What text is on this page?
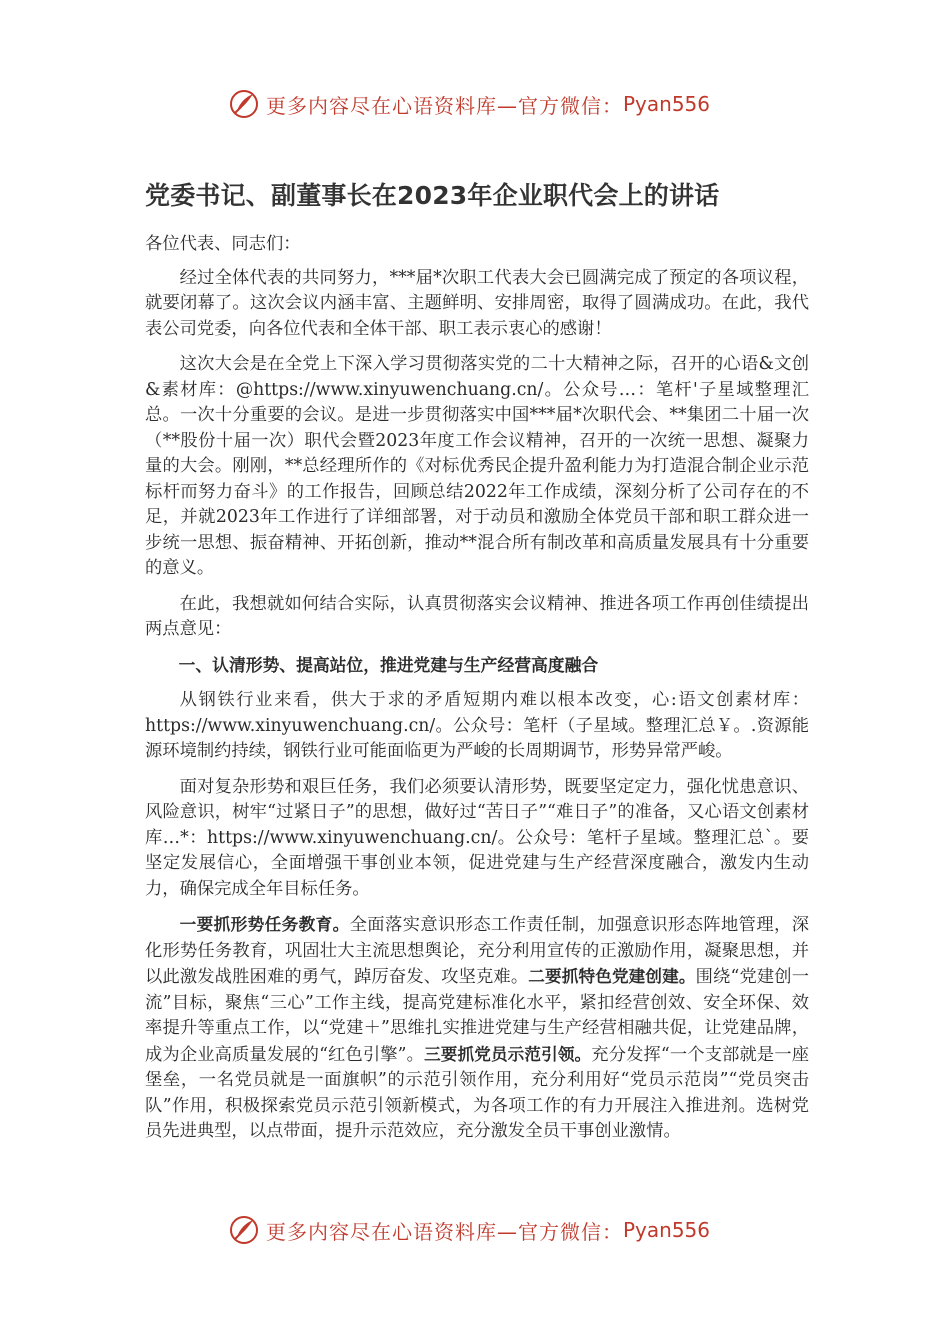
更多内容尽在心语资料库—官方微信： Pyan556
党委书记、副董事长在2023年企业职代会上的讲话

各位代表、同志们：

经过全体代表的共同努力，***届*次职工代表大会已圆满完成了预定的各项议程，就要闭幕了。这次会议内涵丰富、主题鲜明、安排周密，取得了圆满成功。在此，我代表公司党委，向各位代表和全体干部、职工表示衷心的感谢！

这次大会是在全党上下深入学习贯彻落实党的二十大精神之际，召开的心语&文创&素材库：@https://www.xinyuwenchuang.cn/。公众号…：笔杆'子星域整理汇总。一次十分重要的会议。是进一步贯彻落实中国***届*次职代会、**集团二十届一次（**股份十届一次）职代会暨2023年度工作会议精神，召开的一次统一思想、凝聚力量的大会。刚刚，**总经理所作的《对标优秀民企提升盈利能力为打造混合制企业示范标杆而努力奋斗》的工作报告，回顾总结2022年工作成绩，深刻分析了公司存在的不足，并就2023年工作进行了详细部署，对于动员和激励全体党员干部和职工群众进一步统一思想、振奋精神、开拓创新，推动**混合所有制改革和高质量发展具有十分重要的意义。

在此，我想就如何结合实际，认真贯彻落实会议精神、推进各项工作再创佳绩提出两点意见：

一、认清形势、提高站位，推进党建与生产经营高度融合

从钢铁行业来看，供大于求的矛盾短期内难以根本改变，心:语文创素材库：https://www.xinyuwenchuang.cn/。公众号：笔杆（子星域。整理汇总￥。.资源能源环境制约持续，钢铁行业可能面临更为严峻的长周期调节，形势异常严峻。

面对复杂形势和艰巨任务，我们必须要认清形势，既要坚定定力，强化忧患意识、风险意识，树牢“过紧日子”的思想，做好过“苦日子”“难日子”的准备，又心语文创素材库…*：https://www.xinyuwenchuang.cn/。公众号：笔杆子星域。整理汇总`。要坚定发展信心，全面增强干事创业本领，促进党建与生产经营深度融合，激发内生动力，确保完成全年目标任务。

一要抓形势任务教育。全面落实意识形态工作责任制，加强意识形态阵地管理，深化形势任务教育，巩固壮大主流思想舆论，充分利用宣传的正激励作用，凝聚思想，并以此激发战胜困难的勇气，踔厉奋发、攻坚克难。二要抓特色党建创建。围绕“党建创一流”目标，聚焦“三心”工作主线，提高党建标准化水平，紧扣经营创效、安全环保、效率提升等重点工作，以“党建＋”思维扎实推进党建与生产经营相融共促，让党建品牌，成为企业高质量发展的“红色引擎”。三要抓党员示范引领。充分发挥“一个支部就是一座堡垒，一名党员就是一面旗帜”的示范引领作用，充分利用好“党员示范岗”“党员突击队”作用，积极探索党员示范引领新模式，为各项工作的有力开展注入推进剂。选树党员先进典型，以点带面，提升示范效应，充分激发全员干事创业激情。

更多内容尽在心语资料库—官方微信： Pyan556
